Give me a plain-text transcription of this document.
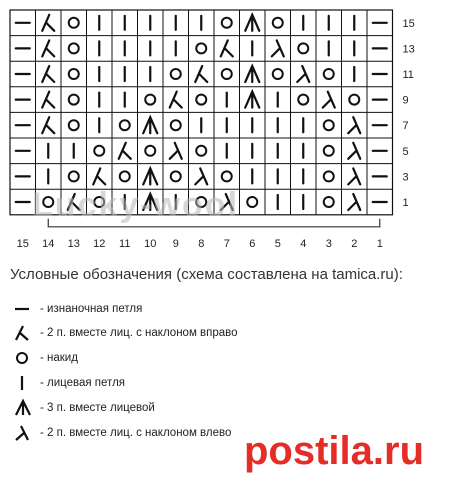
15
13
11
9
7
5
3
1
15 14 13 12 11 10 9 8 7 6 5 4 3 2 1
Lucky-wool
Условные обозначения (схема составлена на tamica.ru):
- изнаночная петля
- 2 п. вместе лиц. с наклоном вправо
- накид
- лицевая петля
- 3 п. вместе лицевой
- 2 п. вместе лиц. с наклоном влево postila.ru
